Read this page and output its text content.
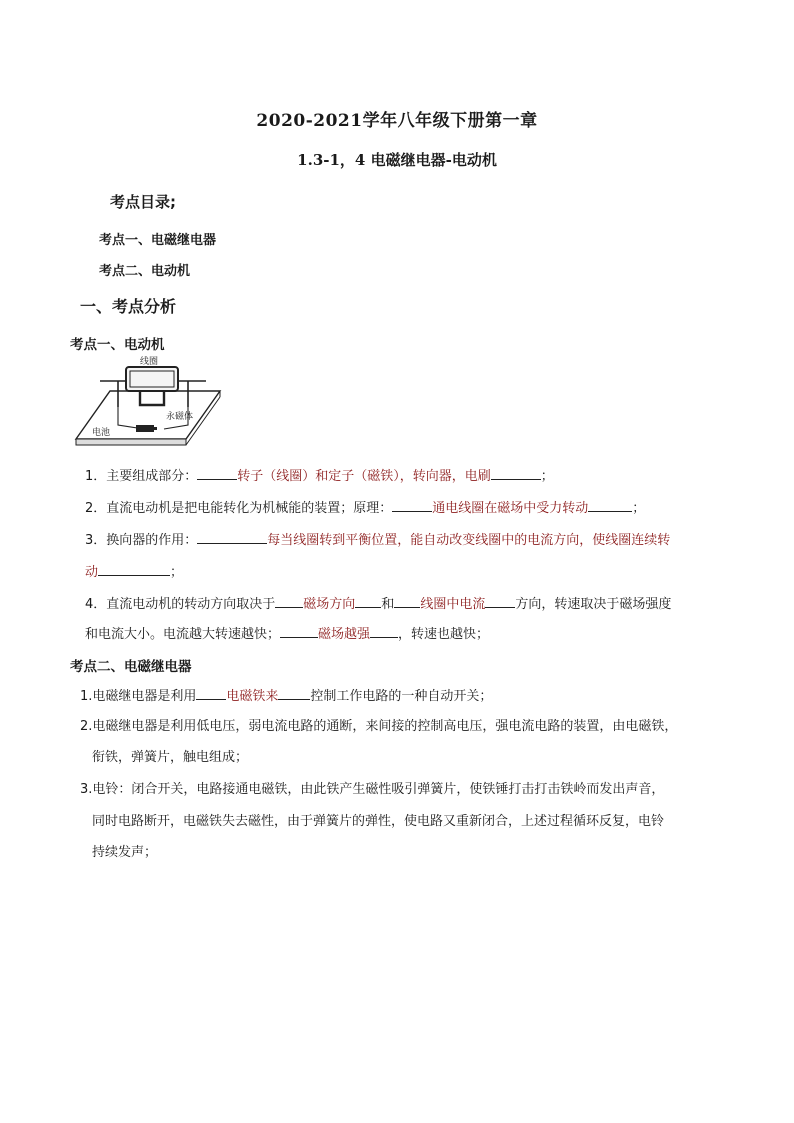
2020-2021学年八年级下册第一章
1.3-1，4 电磁继电器-电动机
考点目录;
考点一、电磁继电器
考点二、电动机
一、考点分析
考点一、电动机
线圈
永磁体
电池
1．主要组成部分：	转子（线圈）和定子（磁铁），转向器，电刷	；
2．直流电动机是把电能转化为机械能的装置；原理：	通电线圈在磁场中受力转动	；
3．换向器的作用：	每当线圈转到平衡位置，能自动改变线圈中的电流方向，使线圈连续转
动	；
4．直流电动机的转动方向取决于 磁场方向 和 线圈中电流 方向，转速取决于磁场强度
和电流大小。电流越大转速越快；	磁场越强 ，转速也越快；
考点二、电磁继电器
1.电磁继电器是利用 电磁铁来 控制工作电路的一种自动开关；
2.电磁继电器是利用低电压，弱电流电路的通断，来间接的控制高电压，强电流电路的装置，由电磁铁，
衔铁，弹簧片，触电组成；
3.电铃：闭合开关，电路接通电磁铁，由此铁产生磁性吸引弹簧片，使铁锤打击打击铁岭而发出声音，
同时电路断开，电磁铁失去磁性，由于弹簧片的弹性，使电路又重新闭合，上述过程循环反复，电铃
持续发声；
